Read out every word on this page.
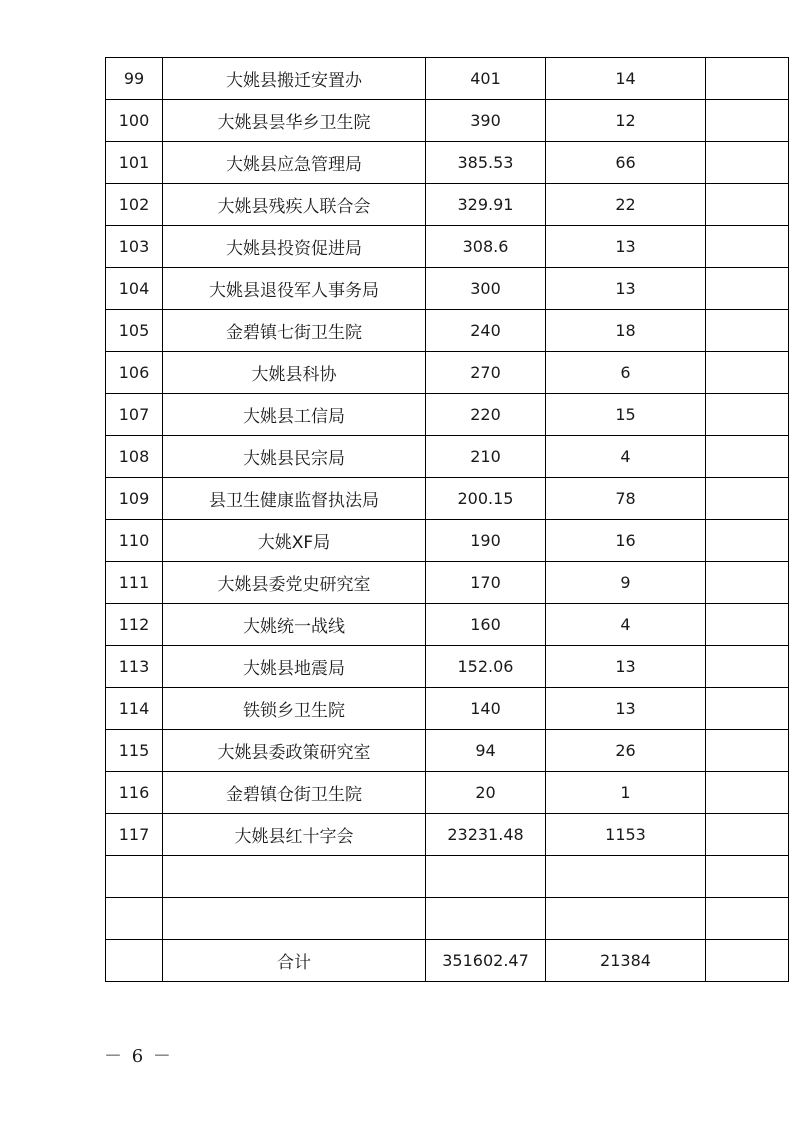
99	大姚县搬迁安置办	401	14	
100	大姚县昙华乡卫生院	390	12	
101	大姚县应急管理局	385.53	66	
102	大姚县残疾人联合会	329.91	22	
103	大姚县投资促进局	308.6	13	
104	大姚县退役军人事务局	300	13	
105	金碧镇七街卫生院	240	18	
106	大姚县科协	270	6	
107	大姚县工信局	220	15	
108	大姚县民宗局	210	4	
109	县卫生健康监督执法局	200.15	78	
110	大姚XF局	190	16	
111	大姚县委党史研究室	170	9	
112	大姚统一战线	160	4	
113	大姚县地震局	152.06	13	
114	铁锁乡卫生院	140	13	
115	大姚县委政策研究室	94	26	
116	金碧镇仓街卫生院	20	1	
117	大姚县红十字会	23231.48	1153	

	合计	351602.47	21384	
－ 6 －
